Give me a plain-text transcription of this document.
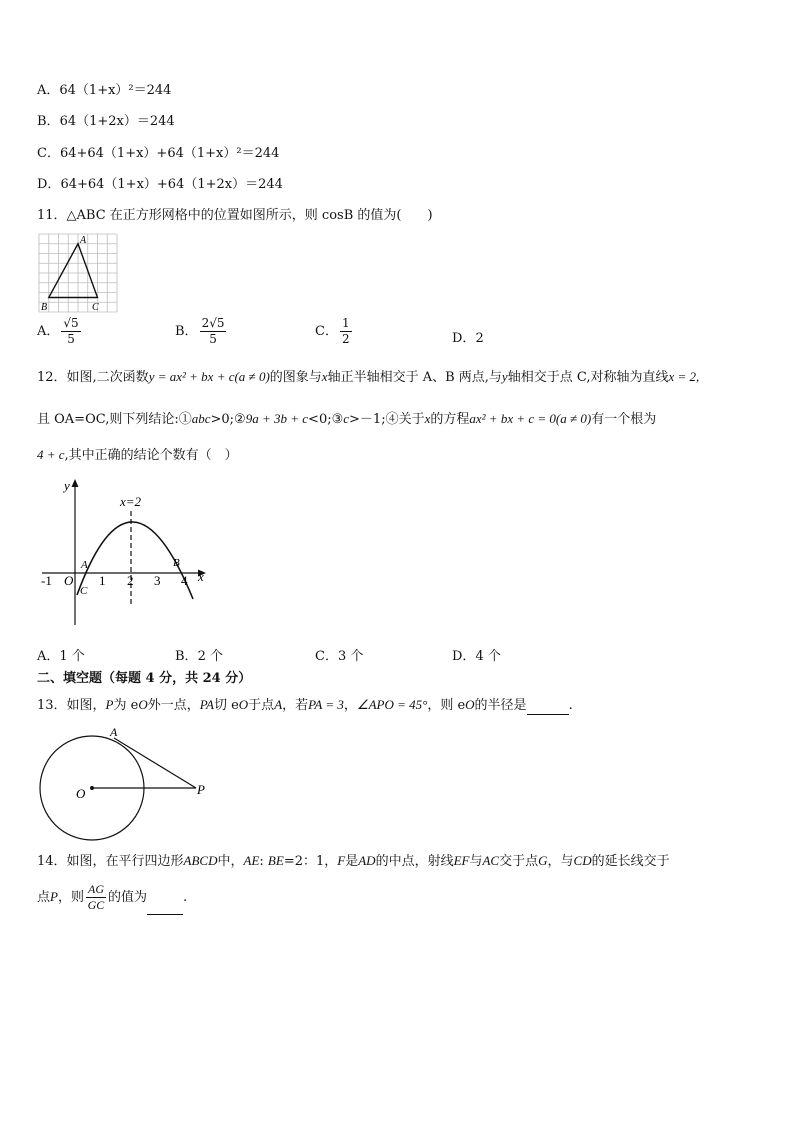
A．64（1+x）²＝244
B．64（1+2x）＝244
C．64+64（1+x）+64（1+x）²＝244
D．64+64（1+x）+64（1+2x）＝244
11．△ABC 在正方形网格中的位置如图所示，则 cosB 的值为(　　)
A
B	C
A． $\frac{√5}{5}$	B． $\frac{2√5}{5}$	C． $\frac{1}{2}$	D．2
12．如图,二次函数y = ax² + bx + c(a ≠ 0)的图象与x轴正半轴相交于 A、B 两点,与y轴相交于点 C,对称轴为直线x = 2,
且 OA=OC,则下列结论:①abc>0;②9a + 3b + c<0;③c>－1;④关于x的方程ax² + bx + c = 0(a ≠ 0)有一个根为
4 + c,其中正确的结论个数有（　）
y
x
x=2
-1 O 1 2 3 4
A	B
C
A．1 个	B．2 个	C．3 个	D．4 个
二、填空题（每题 4 分，共 24 分）
13．如图，P为 eO外一点，PA切 eO于点A，若PA = 3，∠APO = 45°，则 eO的半径是	.
A
O	P
14．如图，在平行四边形ABCD中，AE: BE=2：1，F是AD的中点，射线EF与AC交于点G，与CD的延长线交于
点P，则 $\frac{AG}{GC}$ 的值为	.
